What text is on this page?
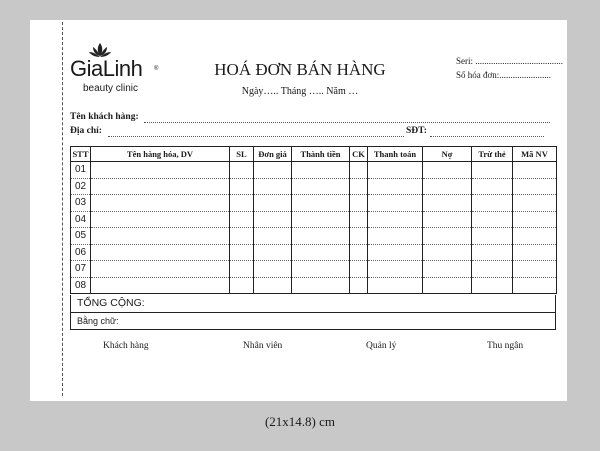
GiaLinh ®
beauty clinic
HOÁ ĐƠN BÁN HÀNG
Ngày….. Tháng ….. Năm …
Seri: .......................................
Số hóa đơn:.......................
Tên khách hàng:
Địa chỉ:	SĐT:
STT	Tên hàng hóa, DV	SL	Đơn giá	Thành tiền	CK	Thanh toán	Nợ	Trừ thẻ	Mã NV
01									
02									
03									
04									
05									
06									
07									
08									
TỔNG CỘNG:
Bằng chữ:
Khách hàng	Nhân viên	Quản lý	Thu ngân
(21x14.8) cm
